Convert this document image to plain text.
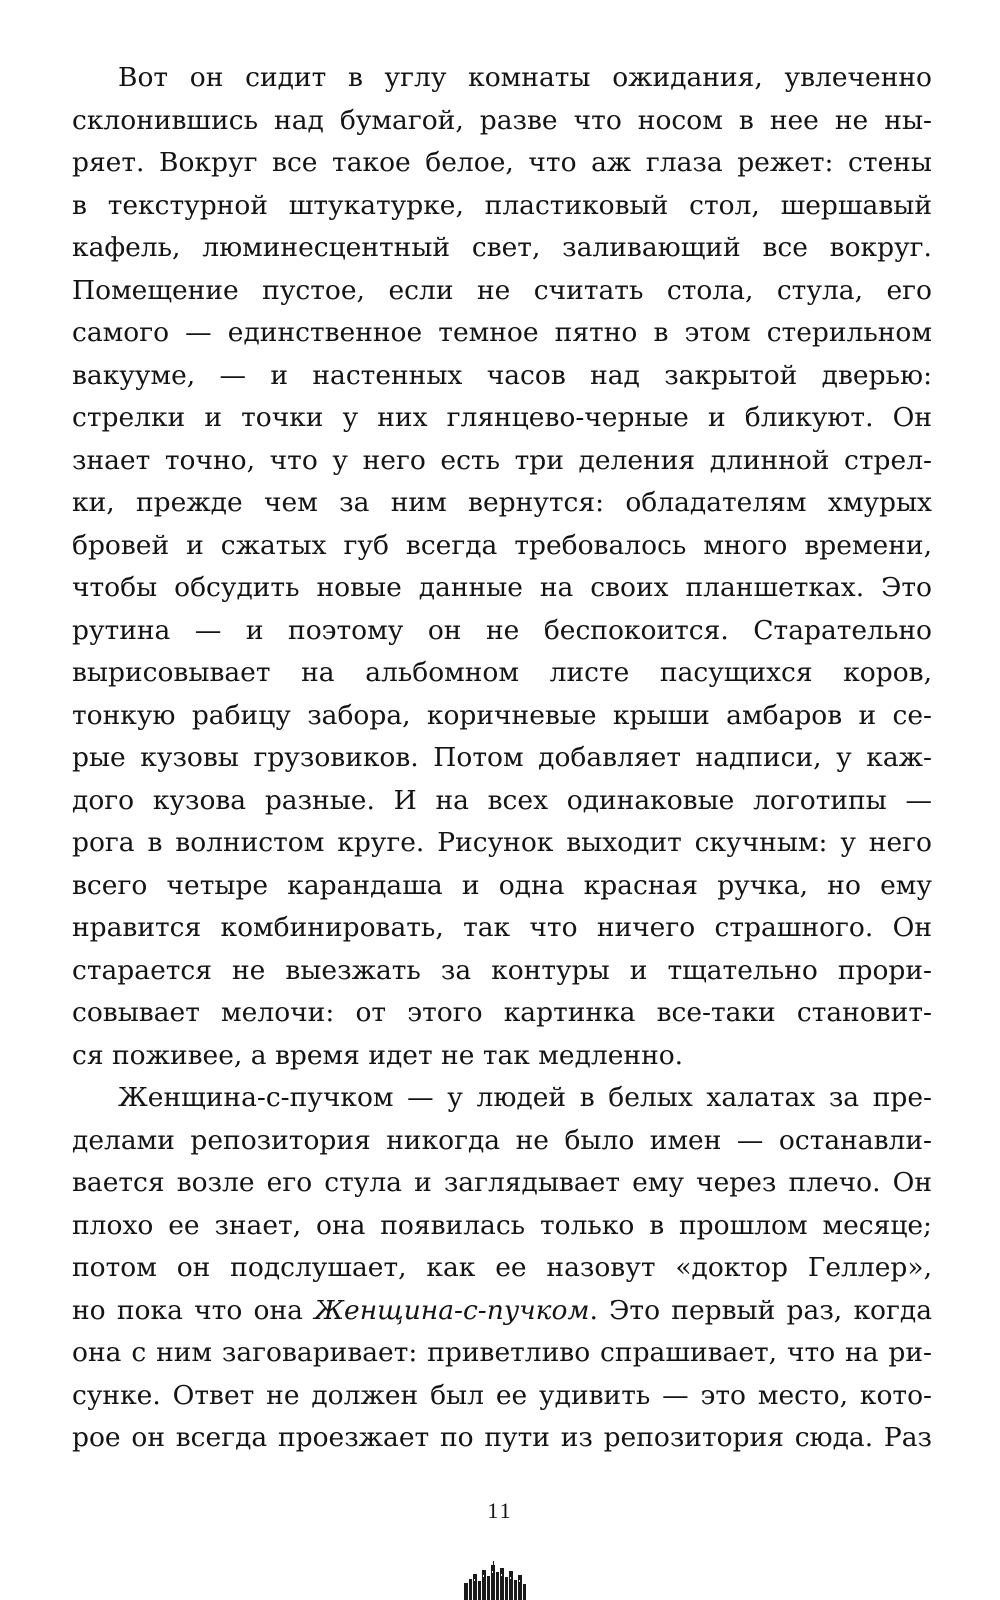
Вот он сидит в углу комнаты ожидания, увлеченно
склонившись над бумагой, разве что носом в нее не ны-
ряет. Вокруг все такое белое, что аж глаза режет: стены
в текстурной штукатурке, пластиковый стол, шершавый
кафель, люминесцентный свет, заливающий все вокруг.
Помещение пустое, если не считать стола, стула, его
самого — единственное темное пятно в этом стерильном
вакууме, — и настенных часов над закрытой дверью:
стрелки и точки у них глянцево-черные и бликуют. Он
знает точно, что у него есть три деления длинной стрел-
ки, прежде чем за ним вернутся: обладателям хмурых
бровей и сжатых губ всегда требовалось много времени,
чтобы обсудить новые данные на своих планшетках. Это
рутина — и поэтому он не беспокоится. Старательно
вырисовывает на альбомном листе пасущихся коров,
тонкую рабицу забора, коричневые крыши амбаров и се-
рые кузовы грузовиков. Потом добавляет надписи, у каж-
дого кузова разные. И на всех одинаковые логотипы —
рога в волнистом круге. Рисунок выходит скучным: у него
всего четыре карандаша и одна красная ручка, но ему
нравится комбинировать, так что ничего страшного. Он
старается не выезжать за контуры и тщательно прори-
совывает мелочи: от этого картинка все-таки становит-
ся поживее, а время идет не так медленно.
Женщина-с-пучком — у людей в белых халатах за пре-
делами репозитория никогда не было имен — останавли-
вается возле его стула и заглядывает ему через плечо. Он
плохо ее знает, она появилась только в прошлом месяце;
потом он подслушает, как ее назовут «доктор Геллер»,
но пока что она Женщина-с-пучком. Это первый раз, когда
она с ним заговаривает: приветливо спрашивает, что на ри-
сунке. Ответ не должен был ее удивить — это место, кото-
рое он всегда проезжает по пути из репозитория сюда. Раз
11
